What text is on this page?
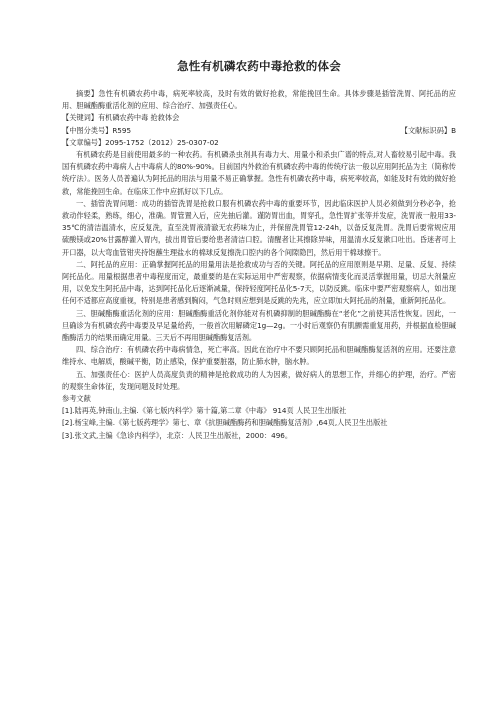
急性有机磷农药中毒抢救的体会

摘要】急性有机磷农药中毒，病死率较高，及时有效的做好抢救，常能挽回生命。具体步骤是插管洗胃、阿托品的应用、胆碱酯酶重活化剂的应用、综合治疗、加强责任心。

【关键词】有机磷农药中毒 抢救体会

【中图分类号】R595	【文献标识码】B

【文章编号】2095-1752（2012）25-0307-02

有机磷农药是目前使用最多的一种农药。有机磷杀虫剂具有毒力大、用量小和杀虫广谱的特点,对人畜较易引起中毒。我国有机磷农药中毒病人占中毒病人的80%-90%。目前国内外救治有机磷农药中毒的传统疗法一般以应用阿托品为主（简称传统疗法）。医务人员普遍认为阿托品的用法与用量不易正确掌握。急性有机磷农药中毒，病死率较高，如能及时有效的做好抢救，常能挽回生命。在临床工作中应抓好以下几点。

一、插管洗胃问题：成功的插管洗胃是抢救口服有机磷农药中毒的重要环节，因此临床医护人员必须做到分秒必争，抢救动作轻柔，熟练，细心，准确。胃管置入后，应先抽后灌。谨防胃出血，胃穿孔，急性胃扩张等并发症，洗胃液一般用33-35℃的清洁温清水，应反复洗，直至洗胃液清澈无农药味为止，并保留洗胃管12-24h，以备反复洗胃。洗胃后要常规应用硫酸镁或20%甘露醇灌入胃内，拔出胃管后要给患者清洁口腔。清醒者让其擦除异味，用温清水反复漱口吐出。昏迷者可上开口器，以大弯血管钳夹持饱蘸生理盐水的棉球反复擦洗口腔内的各个间隙隐凹，然后用干棉球擦干。

二、阿托品的应用：正确掌握阿托品的用量用法是抢救成功与否的关键。阿托品的应用原则是早期、足量、反复、持续阿托品化。用量根据患者中毒程度而定，最重要的是在实际运用中严密观察，依据病情变化而灵活掌握用量，切忌大剂量应用，以免发生阿托品中毒，达到阿托品化后逐渐减量，保持轻度阿托品化5-7天，以防反跳。临床中要严密观察病人，如出现任何不适都应高度重视，特别是患者感到胸闷，气急时则应想到是反跳的先兆，应立即加大阿托品的剂量，重新阿托品化。

三、胆碱酯酶重活化剂的应用：胆碱酯酶重活化剂你能对有机磷抑制的胆碱酯酶在“老化”之前使其活性恢复。因此，一旦确诊为有机磷农药中毒要及早足量给药，一般首次用解磷定1g—2g。一小时后观察仍有肌颤需重复用药，并根据血检胆碱酯酶活力的结果而确定用量。三天后不再用胆碱酯酶复活剂。

四、综合治疗：有机磷农药中毒病情急，死亡率高。因此在治疗中不要只顾阿托品和胆碱酯酶复活剂的应用。还要注意维持水、电解质，酸碱平衡，防止感染，保护重要脏器，防止肺水肿，脑水肿。

五、加强责任心：医护人员高度负责的精神是抢救成功的人为因素，做好病人的思想工作，并细心的护理，治疗。严密的观察生命体征，发现问题及时处理。

参考文献

[1].陆再英,钟南山,主编.《第七版内科学》第十篇,第二章《中毒》 914页 人民卫生出版社

[2].杨宝峰,主编.《第七版药理学》第七、章《抗胆碱酯酶药和胆碱酯酶复活剂》,64页,人民卫生出版社

[3].张文武,主编《急诊内科学》，北京：人民卫生出版社，2000：496。
